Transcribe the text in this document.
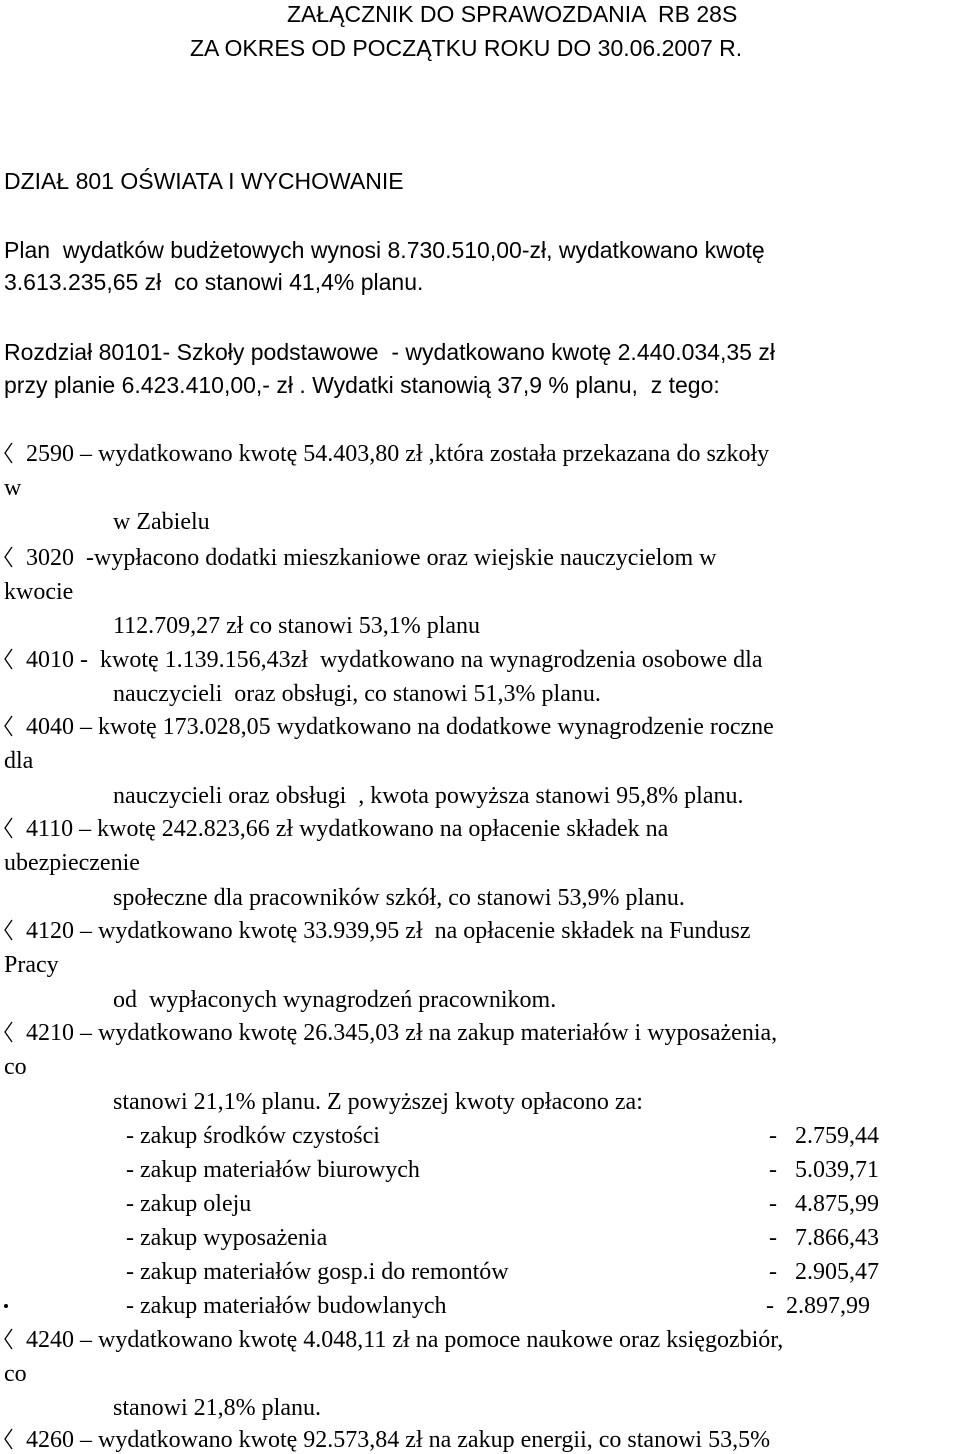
ZAŁĄCZNIK DO SPRAWOZDANIA  RB 28S
ZA OKRES OD POCZĄTKU ROKU DO 30.06.2007 R.
DZIAŁ 801 OŚWIATA I WYCHOWANIE
Plan  wydatków budżetowych wynosi 8.730.510,00-zł, wydatkowano kwotę
3.613.235,65 zł  co stanowi 41,4% planu.
Rozdział 80101- Szkoły podstawowe  - wydatkowano kwotę 2.440.034,35 zł
przy planie 6.423.410,00,- zł . Wydatki stanowią 37,9 % planu,  z tego:
2590 – wydatkowano kwotę 54.403,80 zł ,która została przekazana do szkoły
w
w Zabielu
3020  -wypłacono dodatki mieszkaniowe oraz wiejskie nauczycielom w
kwocie
112.709,27 zł co stanowi 53,1% planu
4010 -  kwotę 1.139.156,43zł  wydatkowano na wynagrodzenia osobowe dla
nauczycieli  oraz obsługi, co stanowi 51,3% planu.
4040 – kwotę 173.028,05 wydatkowano na dodatkowe wynagrodzenie roczne
dla
nauczycieli oraz obsługi  , kwota powyższa stanowi 95,8% planu.
4110 – kwotę 242.823,66 zł wydatkowano na opłacenie składek na
ubezpieczenie
społeczne dla pracowników szkół, co stanowi 53,9% planu.
4120 – wydatkowano kwotę 33.939,95 zł  na opłacenie składek na Fundusz
Pracy
od  wypłaconych wynagrodzeń pracownikom.
4210 – wydatkowano kwotę 26.345,03 zł na zakup materiałów i wyposażenia,
co
stanowi 21,1% planu. Z powyższej kwoty opłacono za:
- zakup środków czystości	-   2.759,44
- zakup materiałów biurowych	-   5.039,71
- zakup oleju	-   4.875,99
- zakup wyposażenia	-   7.866,43
- zakup materiałów gosp.i do remontów	-   2.905,47
- zakup materiałów budowlanych	-  2.897,99
4240 – wydatkowano kwotę 4.048,11 zł na pomoce naukowe oraz księgozbiór,
co
stanowi 21,8% planu.
4260 – wydatkowano kwotę 92.573,84 zł na zakup energii, co stanowi 53,5%
